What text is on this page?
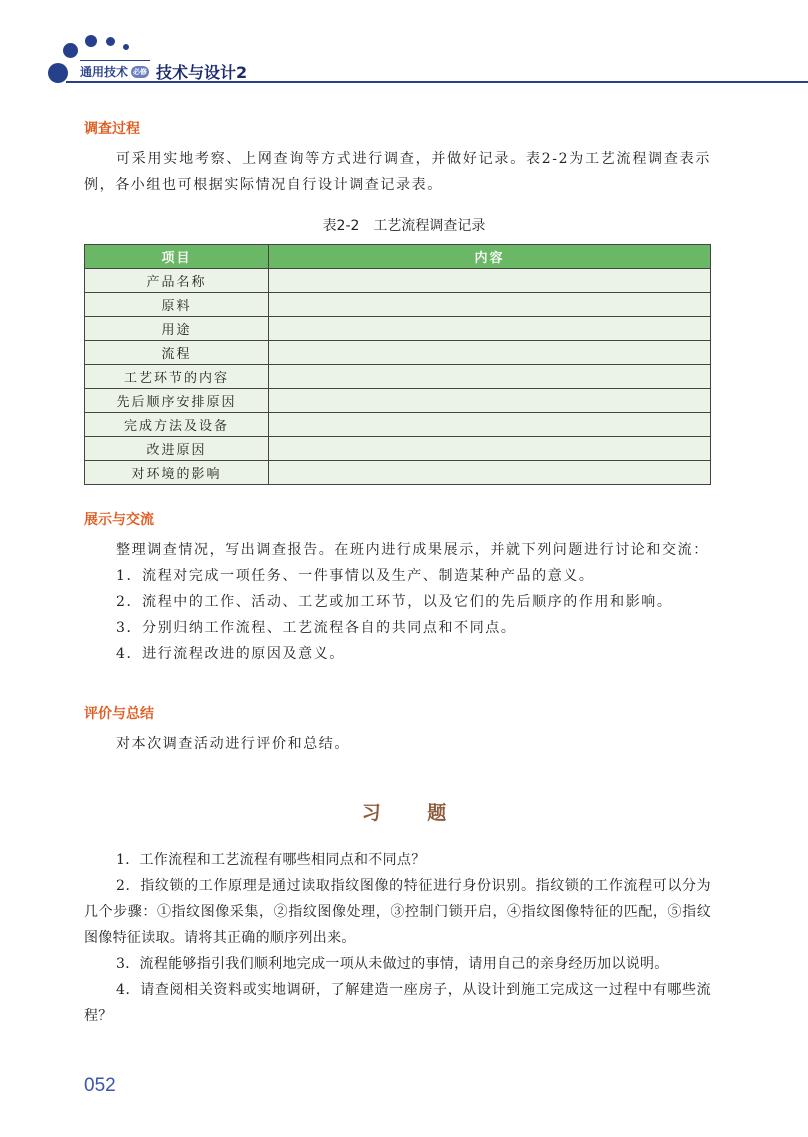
通用技术 必修 技术与设计2
调查过程
可采用实地考察、上网查询等方式进行调查，并做好记录。表2-2为工艺流程调查表示例，各小组也可根据实际情况自行设计调查记录表。
表2-2　工艺流程调查记录
项目	内容
产品名称	
原料	
用途	
流程	
工艺环节的内容	
先后顺序安排原因	
完成方法及设备	
改进原因	
对环境的影响	
展示与交流
整理调查情况，写出调查报告。在班内进行成果展示，并就下列问题进行讨论和交流：
1．流程对完成一项任务、一件事情以及生产、制造某种产品的意义。
2．流程中的工作、活动、工艺或加工环节，以及它们的先后顺序的作用和影响。
3．分别归纳工作流程、工艺流程各自的共同点和不同点。
4．进行流程改进的原因及意义。
评价与总结
对本次调查活动进行评价和总结。
习 题
1．工作流程和工艺流程有哪些相同点和不同点？
2．指纹锁的工作原理是通过读取指纹图像的特征进行身份识别。指纹锁的工作流程可以分为几个步骤：①指纹图像采集，②指纹图像处理，③控制门锁开启，④指纹图像特征的匹配，⑤指纹图像特征读取。请将其正确的顺序列出来。
3．流程能够指引我们顺利地完成一项从未做过的事情，请用自己的亲身经历加以说明。
4．请查阅相关资料或实地调研，了解建造一座房子，从设计到施工完成这一过程中有哪些流程？
052
